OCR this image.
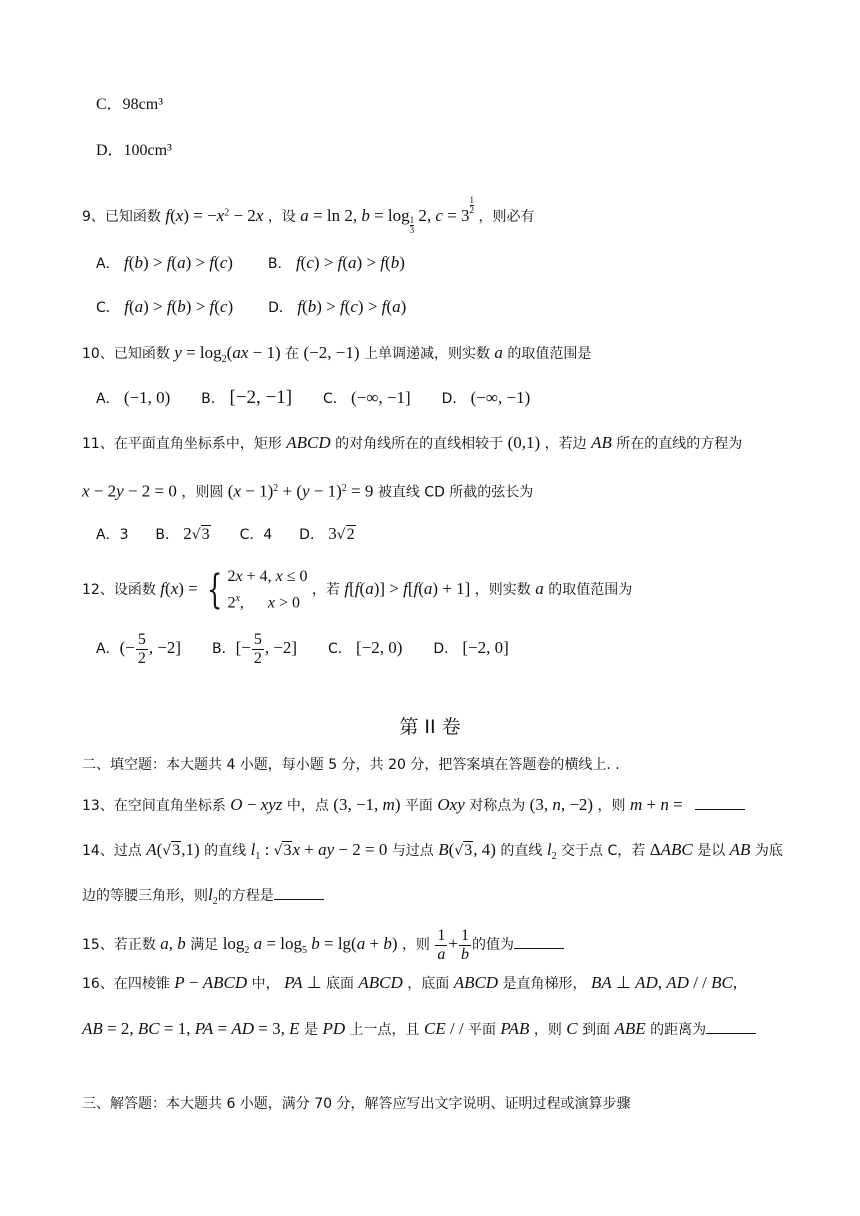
C．98cm³
D．100cm³
9、已知函数 $f(x) = -x^2 - 2x$ ，设 a = ln 2, b = log
$\frac{1}{3}$
2, c = 3
$\frac{1}{2}$
，则必有
A． f(b) > f(a) > f(c) B． f(c) > f(a) > f(b)
C． f(a) > f(b) > f(c) D． f(b) > f(c) > f(a)
10、已知函数 $y = \log_2(ax - 1)$ 在 (−2, −1) 上单调递减，则实数 a 的取值范围是
A． (−1, 0) B． [−2, −1] C． (−∞, −1] D． (−∞, −1)
11、在平面直角坐标系中，矩形 ABCD 的对角线所在的直线相较于 (0,1) ，若边 AB 所在的直线的方程为
x − 2y − 2 = 0 ，则圆 $(x - 1)^2 + (y - 1)^2 = 9$ 被直线 CD 所截的弦长为
A．3 B． 2√3 C．4 D． 3√2
12、设函数 f(x) = { 2x + 4, x ≤ 0
2$^x$,      x > 0
，若 f[f(a)] > f[f(a) + 1] ，则实数 a 的取值范围为
A．(− $\frac{5}{2}$ , −2] B．[− $\frac{5}{2}$ , −2] C． [−2, 0) D． [−2, 0]
第 II 卷
二、填空题：本大题共 4 小题，每小题 5 分，共 20 分，把答案填在答题卷的横线上. .
13、在空间直角坐标系 O − xyz 中，点 (3, −1, m) 平面 Oxy 对称点为 (3, n, −2) ，则 m + n =
14、过点 A(√3,1) 的直线 $l_1$ : √3x + ay − 2 = 0 与过点 B(√3, 4) 的直线 $l_2$ 交于点 C，若 ΔABC 是以 AB 为底
边的等腰三角形，则$l_2$的方程是
15、若正数 a, b 满足 $\log_2 a = \log_5 b = \lg(a + b)$ ，则 $\frac{1}{a} + \frac{1}{b}$ 的值为
16、在四棱锥 P − ABCD 中， PA ⊥ 底面 ABCD ，底面 ABCD 是直角梯形， BA ⊥ AD, AD / / BC,
AB = 2, BC = 1, PA = AD = 3, E 是 PD 上一点，且 CE / / 平面 PAB ，则 C 到面 ABE 的距离为
三、解答题：本大题共 6 小题，满分 70 分，解答应写出文字说明、证明过程或演算步骤
